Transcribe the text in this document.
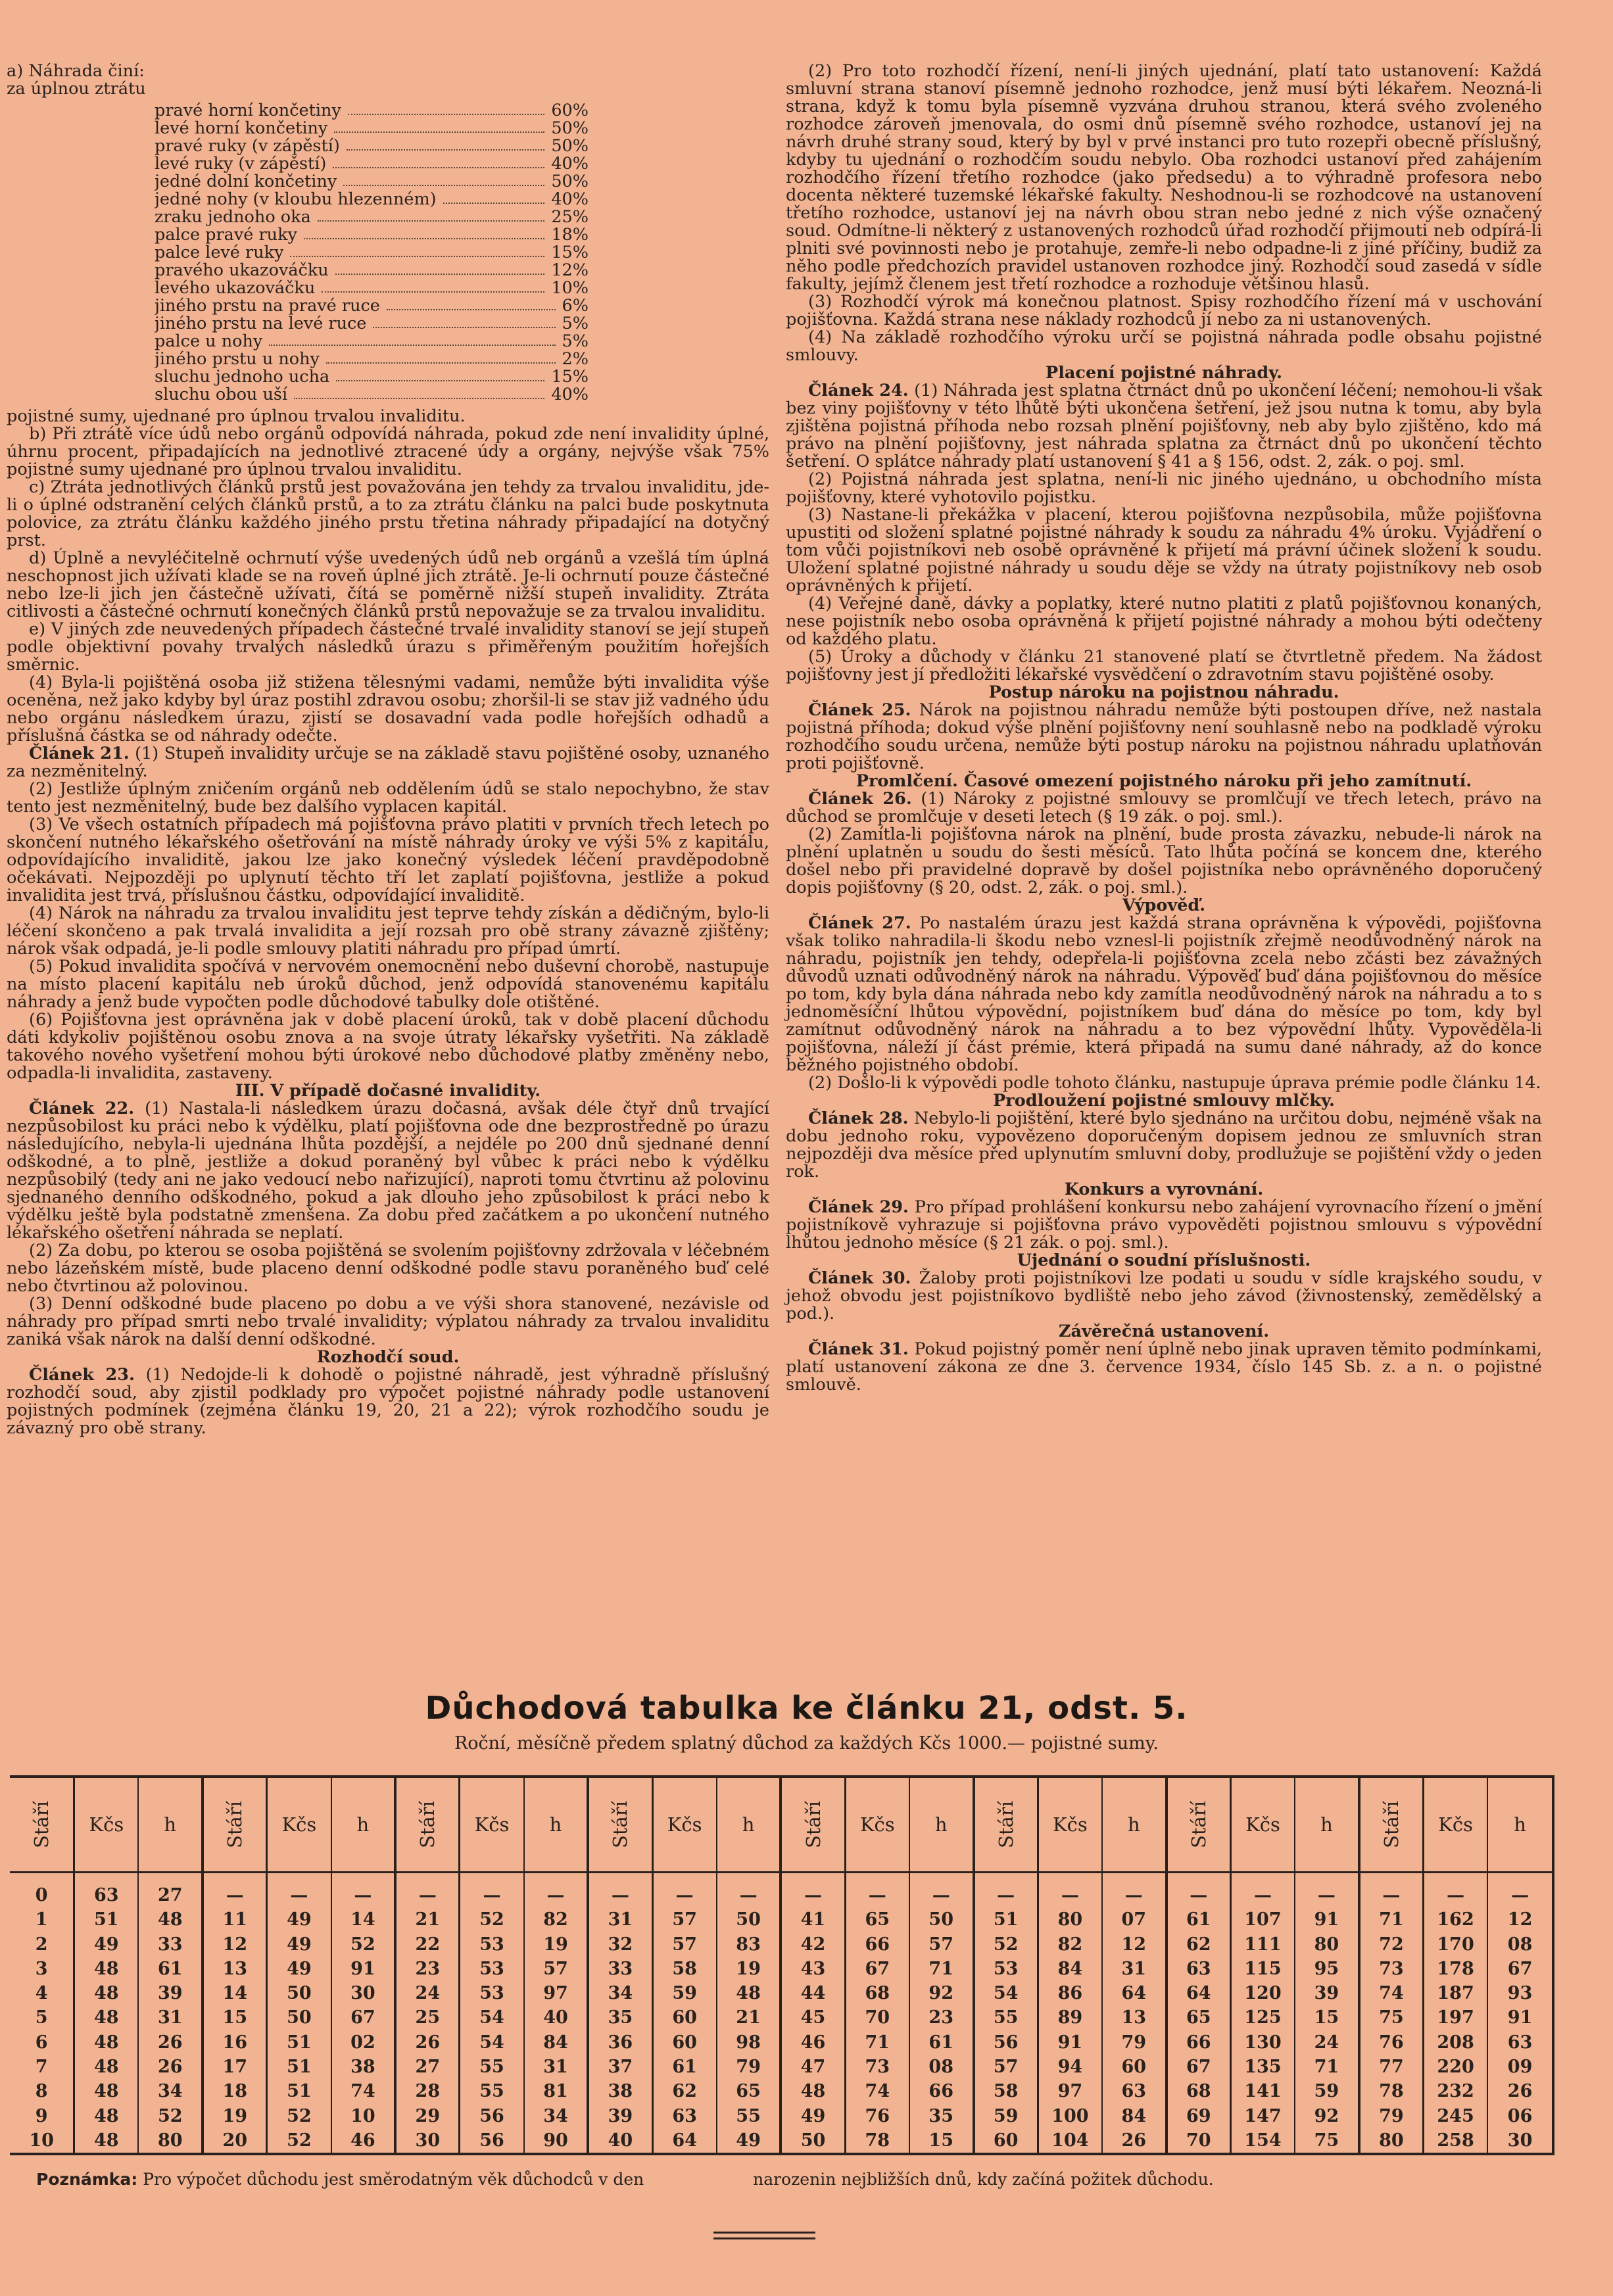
a) Náhrada činí:

za úplnou ztrátu

pravé horní končetiny	60%
levé horní končetiny	50%
pravé ruky (v zápěstí)	50%
levé ruky (v zápěstí)	40%
jedné dolní končetiny	50%
jedné nohy (v kloubu hlezenném)	40%
zraku jednoho oka	25%
palce pravé ruky	18%
palce levé ruky	15%
pravého ukazováčku	12%
levého ukazováčku	10%
jiného prstu na pravé ruce	6%
jiného prstu na levé ruce	5%
palce u nohy	5%
jiného prstu u nohy	2%
sluchu jednoho ucha	15%
sluchu obou uší	40%

pojistné sumy, ujednané pro úplnou trvalou invaliditu.

b) Při ztrátě více údů nebo orgánů odpovídá náhrada, pokud zde není invalidity úplné, úhrnu procent, připadajících na jednotlivé ztracené údy a orgány, nejvýše však 75% pojistné sumy ujednané pro úplnou trvalou invaliditu.

c) Ztráta jednotlivých článků prstů jest považována jen tehdy za trvalou invaliditu, jde-li o úplné odstranění celých článků prstů, a to za ztrátu článku na palci bude poskytnuta polovice, za ztrátu článku každého jiného prstu třetina náhrady připadající na dotyčný prst.

d) Úplně a nevyléčitelně ochrnutí výše uvedených údů neb orgánů a vzešlá tím úplná neschopnost jich užívati klade se na roveň úplné jich ztrátě. Je-li ochrnutí pouze částečné nebo lze-li jich jen částečně užívati, čítá se poměrně nižší stupeň invalidity. Ztráta citlivosti a částečné ochrnutí konečných článků prstů nepovažuje se za trvalou invaliditu.

e) V jiných zde neuvedených případech částečné trvalé invalidity stanoví se její stupeň podle objektivní povahy trvalých následků úrazu s přiměřeným použitím hořejších směrnic.

(4) Byla-li pojištěná osoba již stižena tělesnými vadami, nemůže býti invalidita výše oceněna, než jako kdyby byl úraz postihl zdravou osobu; zhoršil-li se stav již vadného údu nebo orgánu následkem úrazu, zjistí se dosavadní vada podle hořejších odhadů a příslušná částka se od náhrady odečte.

Článek 21. (1) Stupeň invalidity určuje se na základě stavu pojištěné osoby, uznaného za nezměnitelný.

(2) Jestliže úplným zničením orgánů neb oddělením údů se stalo nepochybno, že stav tento jest nezměnitelný, bude bez dalšího vyplacen kapitál.

(3) Ve všech ostatních případech má pojišťovna právo platiti v prvních třech letech po skončení nutného lékařského ošetřování na místě náhrady úroky ve výši 5% z kapitálu, odpovídajícího invaliditě, jakou lze jako konečný výsledek léčení pravděpodobně očekávati. Nejpozději po uplynutí těchto tří let zaplatí pojišťovna, jestliže a pokud invalidita jest trvá, příslušnou částku, odpovídající invaliditě.

(4) Nárok na náhradu za trvalou invaliditu jest teprve tehdy získán a dědičným, bylo-li léčení skončeno a pak trvalá invalidita a její rozsah pro obě strany závazně zjištěny; nárok však odpadá, je-li podle smlouvy platiti náhradu pro případ úmrtí.

(5) Pokud invalidita spočívá v nervovém onemocnění nebo duševní chorobě, nastupuje na místo placení kapitálu neb úroků důchod, jenž odpovídá stanovenému kapitálu náhrady a jenž bude vypočten podle důchodové tabulky dole otištěné.

(6) Pojišťovna jest oprávněna jak v době placení úroků, tak v době placení důchodu dáti kdykoliv pojištěnou osobu znova a na svoje útraty lékařsky vyšetřiti. Na základě takového nového vyšetření mohou býti úrokové nebo důchodové platby změněny nebo, odpadla-li invalidita, zastaveny.

III. V případě dočasné invalidity.

Článek 22. (1) Nastala-li následkem úrazu dočasná, avšak déle čtyř dnů trvající nezpůsobilost ku práci nebo k výdělku, platí pojišťovna ode dne bezprostředně po úrazu následujícího, nebyla-li ujednána lhůta pozdější, a nejdéle po 200 dnů sjednané denní odškodné, a to plně, jestliže a dokud poraněný byl vůbec k práci nebo k výdělku nezpůsobilý (tedy ani ne jako vedoucí nebo nařizující), naproti tomu čtvrtinu až polovinu sjednaného denního odškodného, pokud a jak dlouho jeho způsobilost k práci nebo k výdělku ještě byla podstatně zmenšena. Za dobu před začátkem a po ukončení nutného lékařského ošetření náhrada se neplatí.

(2) Za dobu, po kterou se osoba pojištěná se svolením pojišťovny zdržovala v léčebném nebo lázeňském místě, bude placeno denní odškodné podle stavu poraněného buď celé nebo čtvrtinou až polovinou.

(3) Denní odškodné bude placeno po dobu a ve výši shora stanovené, nezávisle od náhrady pro případ smrti nebo trvalé invalidity; výplatou náhrady za trvalou invaliditu zaniká však nárok na další denní odškodné.

Rozhodčí soud.

Článek 23. (1) Nedojde-li k dohodě o pojistné náhradě, jest výhradně příslušný rozhodčí soud, aby zjistil podklady pro výpočet pojistné náhrady podle ustanovení pojistných podmínek (zejména článku 19, 20, 21 a 22); výrok rozhodčího soudu je závazný pro obě strany.

(2) Pro toto rozhodčí řízení, není-li jiných ujednání, platí tato ustanovení: Každá smluvní strana stanoví písemně jednoho rozhodce, jenž musí býti lékařem. Neozná-li strana, když k tomu byla písemně vyzvána druhou stranou, která svého zvoleného rozhodce zároveň jmenovala, do osmi dnů písemně svého rozhodce, ustanoví jej na návrh druhé strany soud, který by byl v prvé instanci pro tuto rozepři obecně příslušný, kdyby tu ujednání o rozhodčím soudu nebylo. Oba rozhodci ustanoví před zahájením rozhodčího řízení třetího rozhodce (jako předsedu) a to výhradně profesora nebo docenta některé tuzemské lékařské fakulty. Neshodnou-li se rozhodcové na ustanovení třetího rozhodce, ustanoví jej na návrh obou stran nebo jedné z nich výše označený soud. Odmítne-li některý z ustanovených rozhodců úřad rozhodčí přijmouti neb odpírá-li plniti své povinnosti nebo je protahuje, zemře-li nebo odpadne-li z jiné příčiny, budiž za něho podle předchozích pravidel ustanoven rozhodce jiný. Rozhodčí soud zasedá v sídle fakulty, jejímž členem jest třetí rozhodce a rozhoduje většinou hlasů.

(3) Rozhodčí výrok má konečnou platnost. Spisy rozhodčího řízení má v uschování pojišťovna. Každá strana nese náklady rozhodců jí nebo za ni ustanovených.

(4) Na základě rozhodčího výroku určí se pojistná náhrada podle obsahu pojistné smlouvy.

Placení pojistné náhrady.

Článek 24. (1) Náhrada jest splatna čtrnáct dnů po ukončení léčení; nemohou-li však bez viny pojišťovny v této lhůtě býti ukončena šetření, jež jsou nutna k tomu, aby byla zjištěna pojistná příhoda nebo rozsah plnění pojišťovny, neb aby bylo zjištěno, kdo má právo na plnění pojišťovny, jest náhrada splatna za čtrnáct dnů po ukončení těchto šetření. O splátce náhrady platí ustanovení § 41 a § 156, odst. 2, zák. o poj. sml.

(2) Pojistná náhrada jest splatna, není-li nic jiného ujednáno, u obchodního místa pojišťovny, které vyhotovilo pojistku.

(3) Nastane-li překážka v placení, kterou pojišťovna nezpůsobila, může pojišťovna upustiti od složení splatné pojistné náhrady k soudu za náhradu 4% úroku. Vyjádření o tom vůči pojistníkovi neb osobě oprávněné k přijetí má právní účinek složení k soudu. Uložení splatné pojistné náhrady u soudu děje se vždy na útraty pojistníkovy neb osob oprávněných k přijetí.

(4) Veřejné daně, dávky a poplatky, které nutno platiti z platů pojišťovnou konaných, nese pojistník nebo osoba oprávněná k přijetí pojistné náhrady a mohou býti odečteny od každého platu.

(5) Úroky a důchody v článku 21 stanovené platí se čtvrtletně předem. Na žádost pojišťovny jest jí předložiti lékařské vysvědčení o zdravotním stavu pojištěné osoby.

Postup nároku na pojistnou náhradu.

Článek 25. Nárok na pojistnou náhradu nemůže býti postoupen dříve, než nastala pojistná příhoda; dokud výše plnění pojišťovny není souhlasně nebo na podkladě výroku rozhodčího soudu určena, nemůže býti postup nároku na pojistnou náhradu uplatňován proti pojišťovně.

Promlčení. Časové omezení pojistného nároku při jeho zamítnutí.

Článek 26. (1) Nároky z pojistné smlouvy se promlčují ve třech letech, právo na důchod se promlčuje v deseti letech (§ 19 zák. o poj. sml.).

(2) Zamítla-li pojišťovna nárok na plnění, bude prosta závazku, nebude-li nárok na plnění uplatněn u soudu do šesti měsíců. Tato lhůta počíná se koncem dne, kterého došel nebo při pravidelné dopravě by došel pojistníka nebo oprávněného doporučený dopis pojišťovny (§ 20, odst. 2, zák. o poj. sml.).

Výpověď.

Článek 27. Po nastalém úrazu jest každá strana oprávněna k výpovědi, pojišťovna však toliko nahradila-li škodu nebo vznesl-li pojistník zřejmě neodůvodněný nárok na náhradu, pojistník jen tehdy, odepřela-li pojišťovna zcela nebo zčásti bez závažných důvodů uznati odůvodněný nárok na náhradu. Výpověď buď dána pojišťovnou do měsíce po tom, kdy byla dána náhrada nebo kdy zamítla neodůvodněný nárok na náhradu a to s jednoměsíční lhůtou výpovědní, pojistníkem buď dána do měsíce po tom, kdy byl zamítnut odůvodněný nárok na náhradu a to bez výpovědní lhůty. Vypověděla-li pojišťovna, náleží jí část prémie, která připadá na sumu dané náhrady, až do konce běžného pojistného období.

(2) Došlo-li k výpovědi podle tohoto článku, nastupuje úprava prémie podle článku 14.

Prodloužení pojistné smlouvy mlčky.

Článek 28. Nebylo-li pojištění, které bylo sjednáno na určitou dobu, nejméně však na dobu jednoho roku, vypovězeno doporučeným dopisem jednou ze smluvních stran nejpozději dva měsíce před uplynutím smluvní doby, prodlužuje se pojištění vždy o jeden rok.

Konkurs a vyrovnání.

Článek 29. Pro případ prohlášení konkursu nebo zahájení vyrovnacího řízení o jmění pojistníkově vyhrazuje si pojišťovna právo vypověděti pojistnou smlouvu s výpovědní lhůtou jednoho měsíce (§ 21 zák. o poj. sml.).

Ujednání o soudní příslušnosti.

Článek 30. Žaloby proti pojistníkovi lze podati u soudu v sídle krajského soudu, v jehož obvodu jest pojistníkovo bydliště nebo jeho závod (živnostenský, zemědělský a pod.).

Závěrečná ustanovení.

Článek 31. Pokud pojistný poměr není úplně nebo jinak upraven těmito podmínkami, platí ustanovení zákona ze dne 3. července 1934, číslo 145 Sb. z. a n. o pojistné smlouvě.

Důchodová tabulka ke článku 21, odst. 5.
Roční, měsíčně předem splatný důchod za každých Kčs 1000.— pojistné sumy.
Stáří	Kčs	h	Stáří	Kčs	h	Stáří	Kčs	h	Stáří	Kčs	h	Stáří	Kčs	h	Stáří	Kčs	h	Stáří	Kčs	h	Stáří	Kčs	h
0	63	27	—	—	—	—	—	—	—	—	—	—	—	—	—	—	—	—	—	—	—	—	—
1	51	48	11	49	14	21	52	82	31	57	50	41	65	50	51	80	07	61	107	91	71	162	12
2	49	33	12	49	52	22	53	19	32	57	83	42	66	57	52	82	12	62	111	80	72	170	08
3	48	61	13	49	91	23	53	57	33	58	19	43	67	71	53	84	31	63	115	95	73	178	67
4	48	39	14	50	30	24	53	97	34	59	48	44	68	92	54	86	64	64	120	39	74	187	93
5	48	31	15	50	67	25	54	40	35	60	21	45	70	23	55	89	13	65	125	15	75	197	91
6	48	26	16	51	02	26	54	84	36	60	98	46	71	61	56	91	79	66	130	24	76	208	63
7	48	26	17	51	38	27	55	31	37	61	79	47	73	08	57	94	60	67	135	71	77	220	09
8	48	34	18	51	74	28	55	81	38	62	65	48	74	66	58	97	63	68	141	59	78	232	26
9	48	52	19	52	10	29	56	34	39	63	55	49	76	35	59	100	84	69	147	92	79	245	06
10	48	80	20	52	46	30	56	90	40	64	49	50	78	15	60	104	26	70	154	75	80	258	30
Poznámka: Pro výpočet důchodu jest směrodatným věk důchodců v den	narozenin nejbližších dnů, kdy začíná požitek důchodu.
